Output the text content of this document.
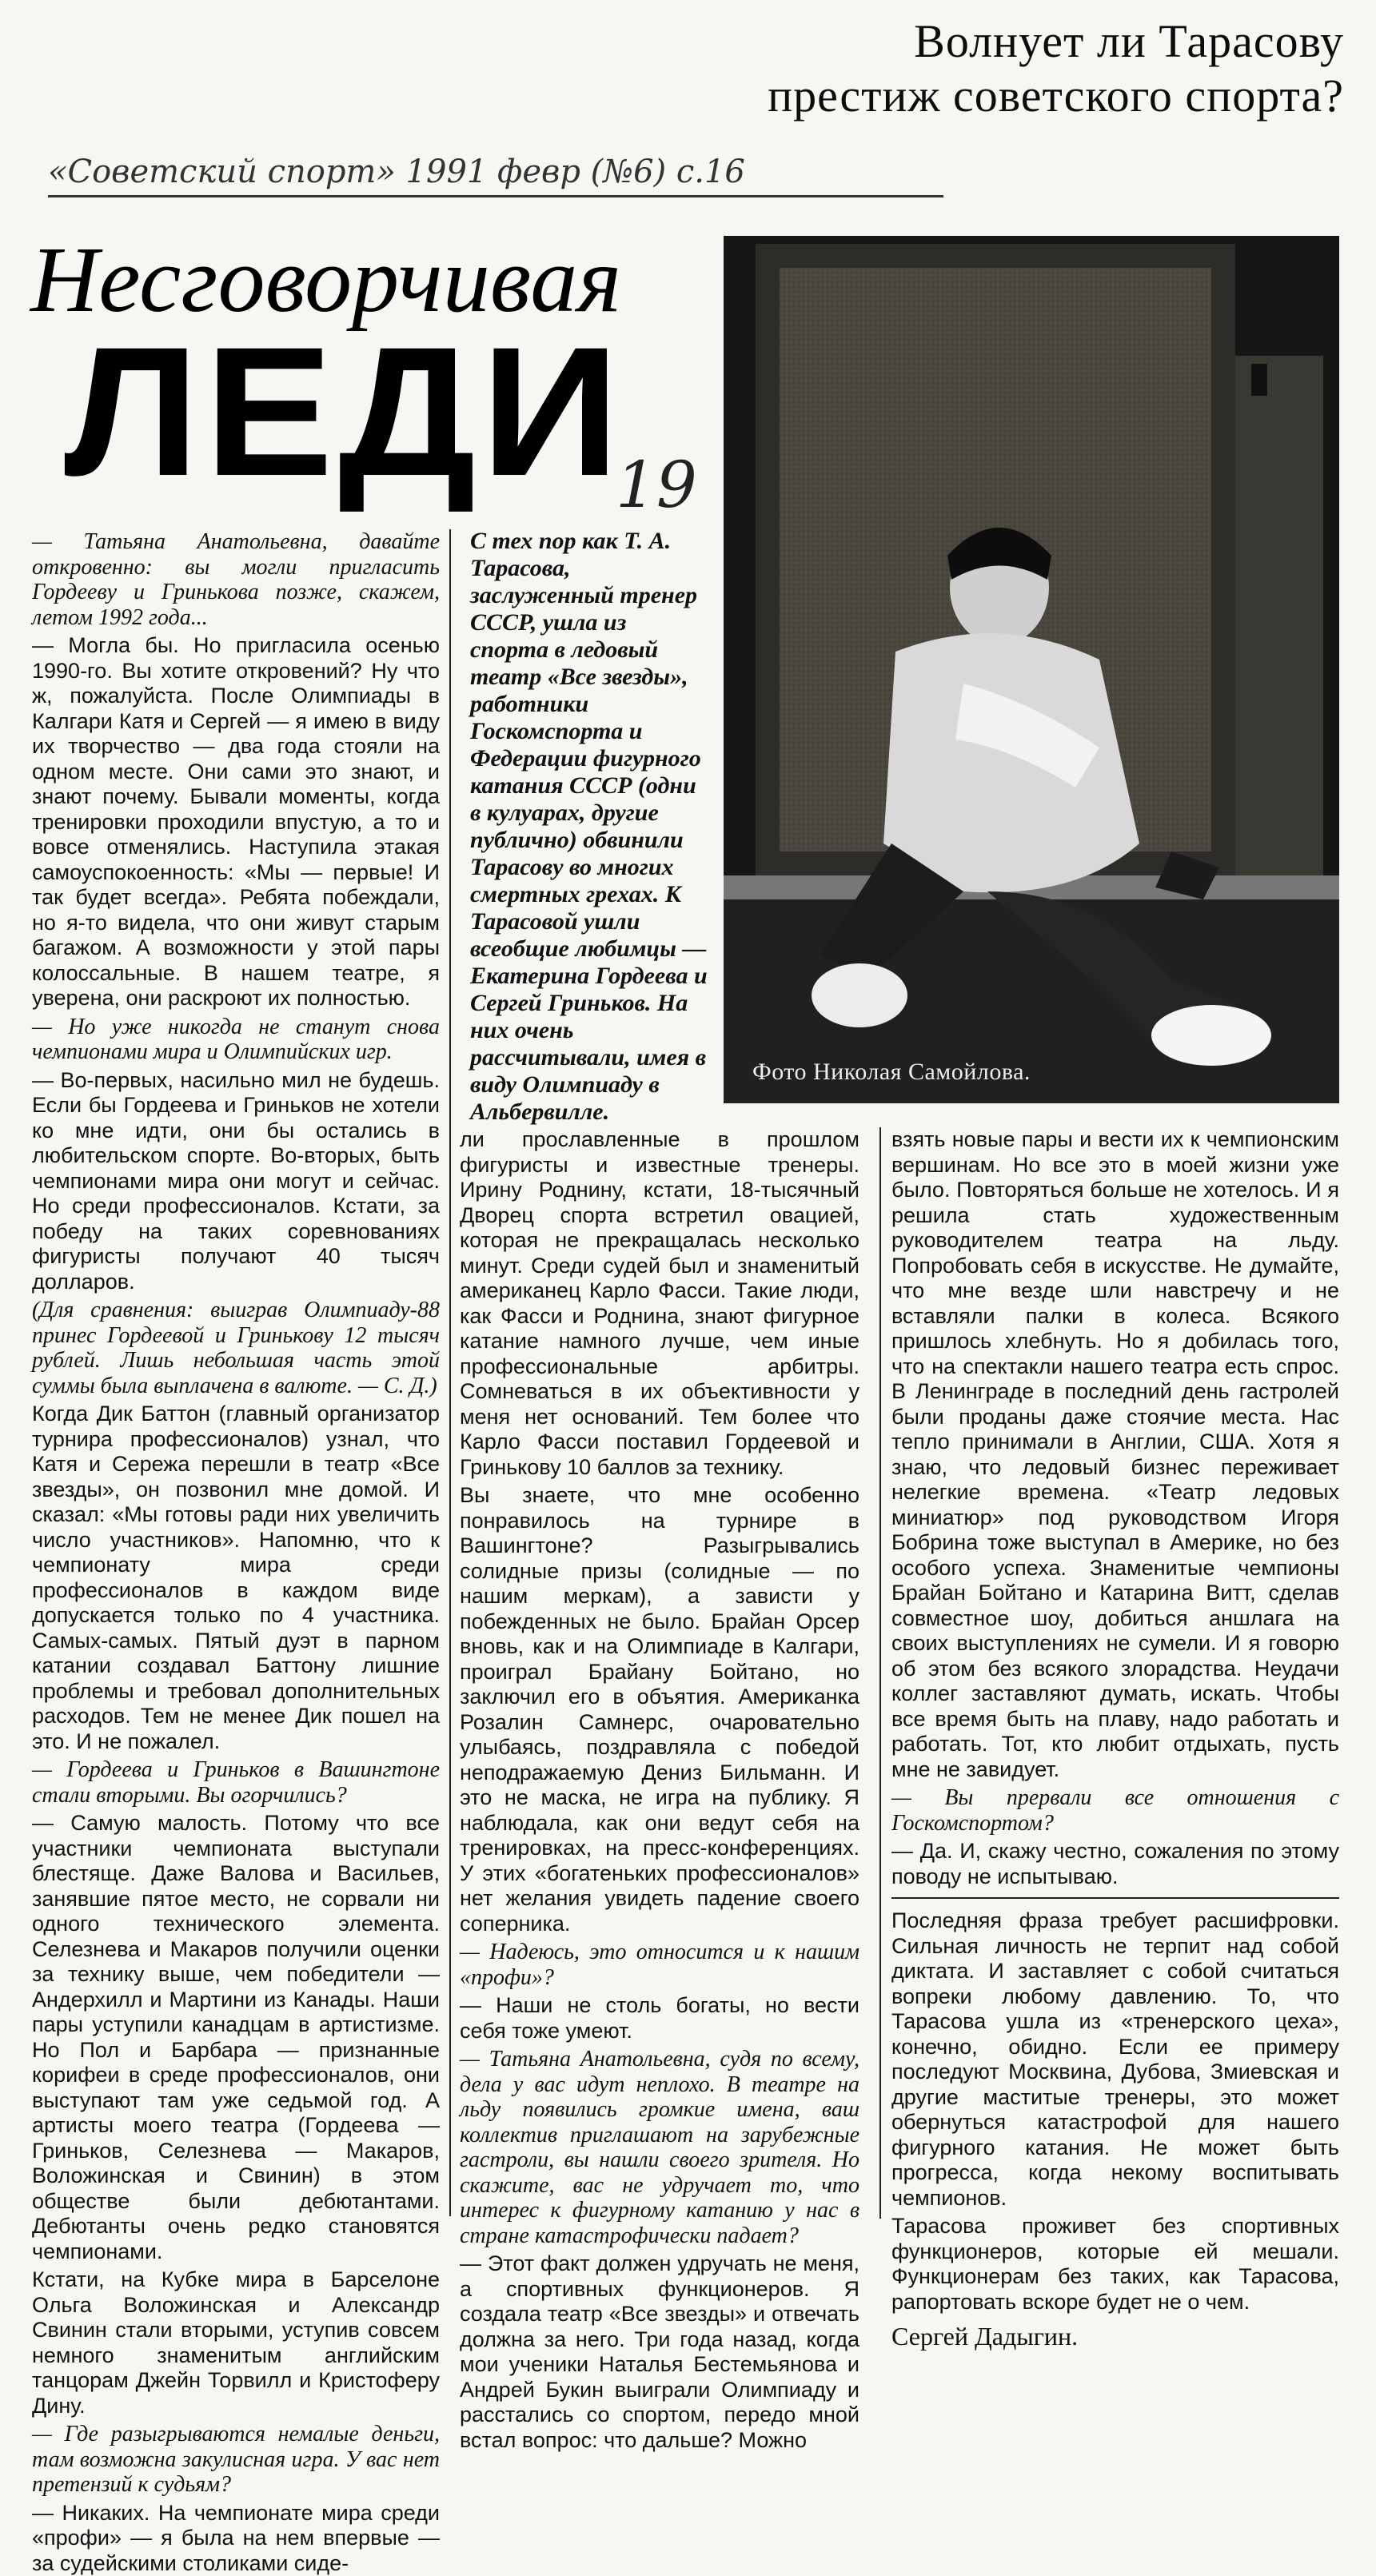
Волнует ли Тарасову
престиж советского спорта?
«Советский спорт» 1991 февр (№6) с.16
Несговорчивая
ЛЕДИ
19
Фото Николая Самойлова.
С тех пор как Т. А. Тарасова, заслуженный тренер СССР, ушла из спорта в ледовый театр «Все звезды», работники Госкомспорта и Федерации фигурного катания СССР (одни в кулуарах, другие публично) обвинили Тарасову во многих смертных грехах. К Тарасовой ушли всеобщие любимцы — Екатерина Гордеева и Сергей Гриньков. На них очень рассчитывали, имея в виду Олимпиаду в Альбервилле.

— Татьяна Анатольевна, давайте откровенно: вы могли пригласить Гордееву и Гринькова позже, скажем, летом 1992 года...

— Могла бы. Но пригласила осенью 1990-го. Вы хотите откровений? Ну что ж, пожалуйста. После Олимпиады в Калгари Катя и Сергей — я имею в виду их творчество — два года стояли на одном месте. Они сами это знают, и знают почему. Бывали моменты, когда тренировки проходили впустую, а то и вовсе отменялись. Наступила этакая самоуспокоенность: «Мы — первые! И так будет всегда». Ребята побеждали, но я-то видела, что они живут старым багажом. А возможности у этой пары колоссальные. В нашем театре, я уверена, они раскроют их полностью.

— Но уже никогда не станут снова чемпионами мира и Олимпийских игр.

— Во-первых, насильно мил не будешь. Если бы Гордеева и Гриньков не хотели ко мне идти, они бы остались в любительском спорте. Во-вторых, быть чемпионами мира они могут и сейчас. Но среди профессионалов. Кстати, за победу на таких соревнованиях фигуристы получают 40 тысяч долларов.

(Для сравнения: выиграв Олимпиаду-88 принес Гордеевой и Гринькову 12 тысяч рублей. Лишь небольшая часть этой суммы была выплачена в валюте. — С. Д.)

Когда Дик Баттон (главный организатор турнира профессионалов) узнал, что Катя и Сережа перешли в театр «Все звезды», он позвонил мне домой. И сказал: «Мы готовы ради них увеличить число участников». Напомню, что к чемпионату мира среди профессионалов в каждом виде допускается только по 4 участника. Самых-самых. Пятый дуэт в парном катании создавал Баттону лишние проблемы и требовал дополнительных расходов. Тем не менее Дик пошел на это. И не пожалел.

— Гордеева и Гриньков в Вашингтоне стали вторыми. Вы огорчились?

— Самую малость. Потому что все участники чемпионата выступали блестяще. Даже Валова и Васильев, занявшие пятое место, не сорвали ни одного технического элемента. Селезнева и Макаров получили оценки за технику выше, чем победители — Андерхилл и Мартини из Канады. Наши пары уступили канадцам в артистизме. Но Пол и Барбара — признанные корифеи в среде профессионалов, они выступают там уже седьмой год. А артисты моего театра (Гордеева — Гриньков, Селезнева — Макаров, Воложинская и Свинин) в этом обществе были дебютантами. Дебютанты очень редко становятся чемпионами.

Кстати, на Кубке мира в Барселоне Ольга Воложинская и Александр Свинин стали вторыми, уступив совсем немного знаменитым английским танцорам Джейн Торвилл и Кристоферу Дину.

— Где разыгрываются немалые деньги, там возможна закулисная игра. У вас нет претензий к судьям?

— Никаких. На чемпионате мира среди «профи» — я была на нем впервые — за судейскими столиками сиде-

ли прославленные в прошлом фигуристы и известные тренеры. Ирину Роднину, кстати, 18-тысячный Дворец спорта встретил овацией, которая не прекращалась несколько минут. Среди судей был и знаменитый американец Карло Фасси. Такие люди, как Фасси и Роднина, знают фигурное катание намного лучше, чем иные профессиональные арбитры. Сомневаться в их объективности у меня нет оснований. Тем более что Карло Фасси поставил Гордеевой и Гринькову 10 баллов за технику.

Вы знаете, что мне особенно понравилось на турнире в Вашингтоне? Разыгрывались солидные призы (солидные — по нашим меркам), а зависти у побежденных не было. Брайан Орсер вновь, как и на Олимпиаде в Калгари, проиграл Брайану Бойтано, но заключил его в объятия. Американка Розалин Самнерс, очаровательно улыбаясь, поздравляла с победой неподражаемую Дениз Бильманн. И это не маска, не игра на публику. Я наблюдала, как они ведут себя на тренировках, на пресс-конференциях. У этих «богатеньких профессионалов» нет желания увидеть падение своего соперника.

— Надеюсь, это относится и к нашим «профи»?

— Наши не столь богаты, но вести себя тоже умеют.

— Татьяна Анатольевна, судя по всему, дела у вас идут неплохо. В театре на льду появились громкие имена, ваш коллектив приглашают на зарубежные гастроли, вы нашли своего зрителя. Но скажите, вас не удручает то, что интерес к фигурному катанию у нас в стране катастрофически падает?

— Этот факт должен удручать не меня, а спортивных функционеров. Я создала театр «Все звезды» и отвечать должна за него. Три года назад, когда мои ученики Наталья Бестемьянова и Андрей Букин выиграли Олимпиаду и расстались со спортом, передо мной встал вопрос: что дальше? Можно

взять новые пары и вести их к чемпионским вершинам. Но все это в моей жизни уже было. Повторяться больше не хотелось. И я решила стать художественным руководителем театра на льду. Попробовать себя в искусстве. Не думайте, что мне везде шли навстречу и не вставляли палки в колеса. Всякого пришлось хлебнуть. Но я добилась того, что на спектакли нашего театра есть спрос. В Ленинграде в последний день гастролей были проданы даже стоячие места. Нас тепло принимали в Англии, США. Хотя я знаю, что ледовый бизнес переживает нелегкие времена. «Театр ледовых миниатюр» под руководством Игоря Бобрина тоже выступал в Америке, но без особого успеха. Знаменитые чемпионы Брайан Бойтано и Катарина Витт, сделав совместное шоу, добиться аншлага на своих выступлениях не сумели. И я говорю об этом без всякого злорадства. Неудачи коллег заставляют думать, искать. Чтобы все время быть на плаву, надо работать и работать. Тот, кто любит отдыхать, пусть мне не завидует.

— Вы прервали все отношения с Госкомспортом?

— Да. И, скажу честно, сожаления по этому поводу не испытываю.

Последняя фраза требует расшифровки. Сильная личность не терпит над собой диктата. И заставляет с собой считаться вопреки любому давлению. То, что Тарасова ушла из «тренерского цеха», конечно, обидно. Если ее примеру последуют Москвина, Дубова, Змиевская и другие маститые тренеры, это может обернуться катастрофой для нашего фигурного катания. Не может быть прогресса, когда некому воспитывать чемпионов.

Тарасова проживет без спортивных функционеров, которые ей мешали. Функционерам без таких, как Тарасова, рапортовать вскоре будет не о чем.

Сергей Дадыгин.
